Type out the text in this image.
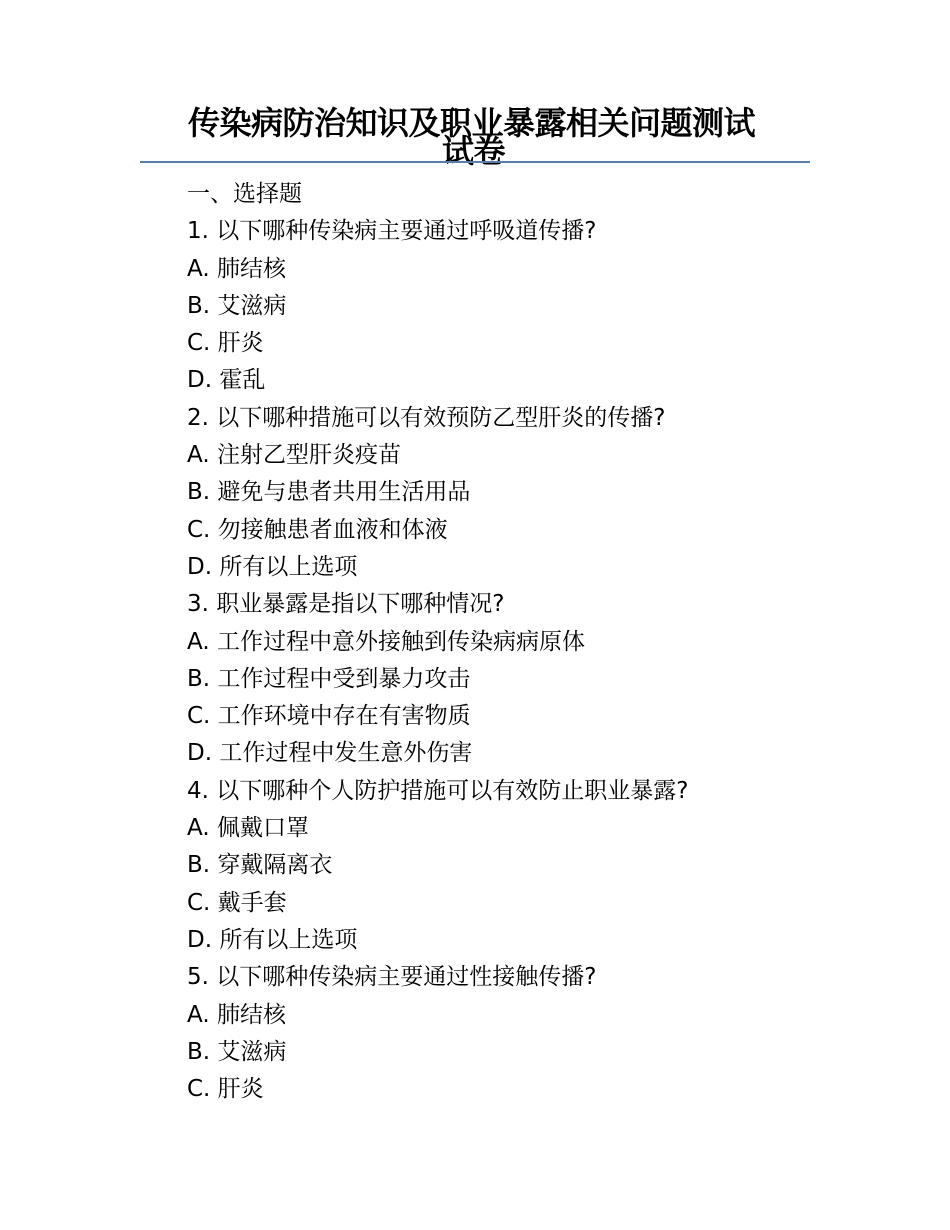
传染病防治知识及职业暴露相关问题测试
试卷
一、选择题
1. 以下哪种传染病主要通过呼吸道传播?
A. 肺结核
B. 艾滋病
C. 肝炎
D. 霍乱
2. 以下哪种措施可以有效预防乙型肝炎的传播?
A. 注射乙型肝炎疫苗
B. 避免与患者共用生活用品
C. 勿接触患者血液和体液
D. 所有以上选项
3. 职业暴露是指以下哪种情况?
A. 工作过程中意外接触到传染病病原体
B. 工作过程中受到暴力攻击
C. 工作环境中存在有害物质
D. 工作过程中发生意外伤害
4. 以下哪种个人防护措施可以有效防止职业暴露?
A. 佩戴口罩
B. 穿戴隔离衣
C. 戴手套
D. 所有以上选项
5. 以下哪种传染病主要通过性接触传播?
A. 肺结核
B. 艾滋病
C. 肝炎
